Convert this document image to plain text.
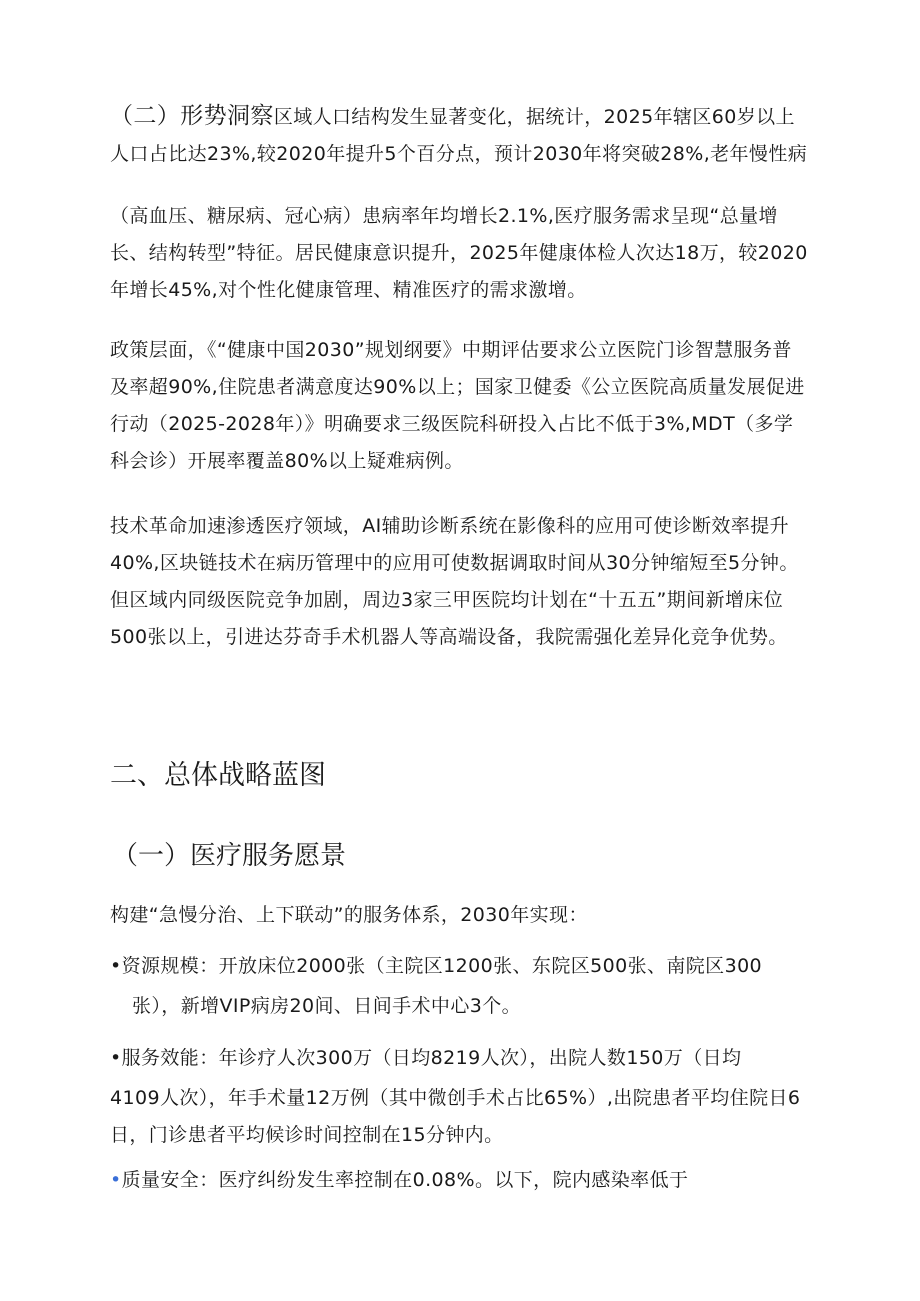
（二）形势洞察区域人口结构发生显著变化，据统计，2025年辖区60岁以上人口占比达23%,较2020年提升5个百分点，预计2030年将突破28%,老年慢性病

（高血压、糖尿病、冠心病）患病率年均增长2.1%,医疗服务需求呈现“总量增长、结构转型”特征。居民健康意识提升，2025年健康体检人次达18万，较2020年增长45%,对个性化健康管理、精准医疗的需求激增。

政策层面，《“健康中国2030”规划纲要》中期评估要求公立医院门诊智慧服务普及率超90%,住院患者满意度达90%以上；国家卫健委《公立医院高质量发展促进行动（2025-2028年）》明确要求三级医院科研投入占比不低于3%,MDT（多学科会诊）开展率覆盖80%以上疑难病例。

技术革命加速渗透医疗领域，AI辅助诊断系统在影像科的应用可使诊断效率提升40%,区块链技术在病历管理中的应用可使数据调取时间从30分钟缩短至5分钟。但区域内同级医院竞争加剧，周边3家三甲医院均计划在“十五五”期间新增床位500张以上，引进达芬奇手术机器人等高端设备，我院需强化差异化竞争优势。

二、总体战略蓝图
（一）医疗服务愿景

构建“急慢分治、上下联动”的服务体系，2030年实现：

•资源规模：开放床位2000张（主院区1200张、东院区500张、南院区300
张），新增VIP病房20间、日间手术中心3个。
•服务效能：年诊疗人次300万（日均8219人次），出院人数150万（日均

4109人次），年手术量12万例（其中微创手术占比65%）,出院患者平均住院日6日，门诊患者平均候诊时间控制在15分钟内。

•质量安全：医疗纠纷发生率控制在0.08%。以下，院内感染率低于
